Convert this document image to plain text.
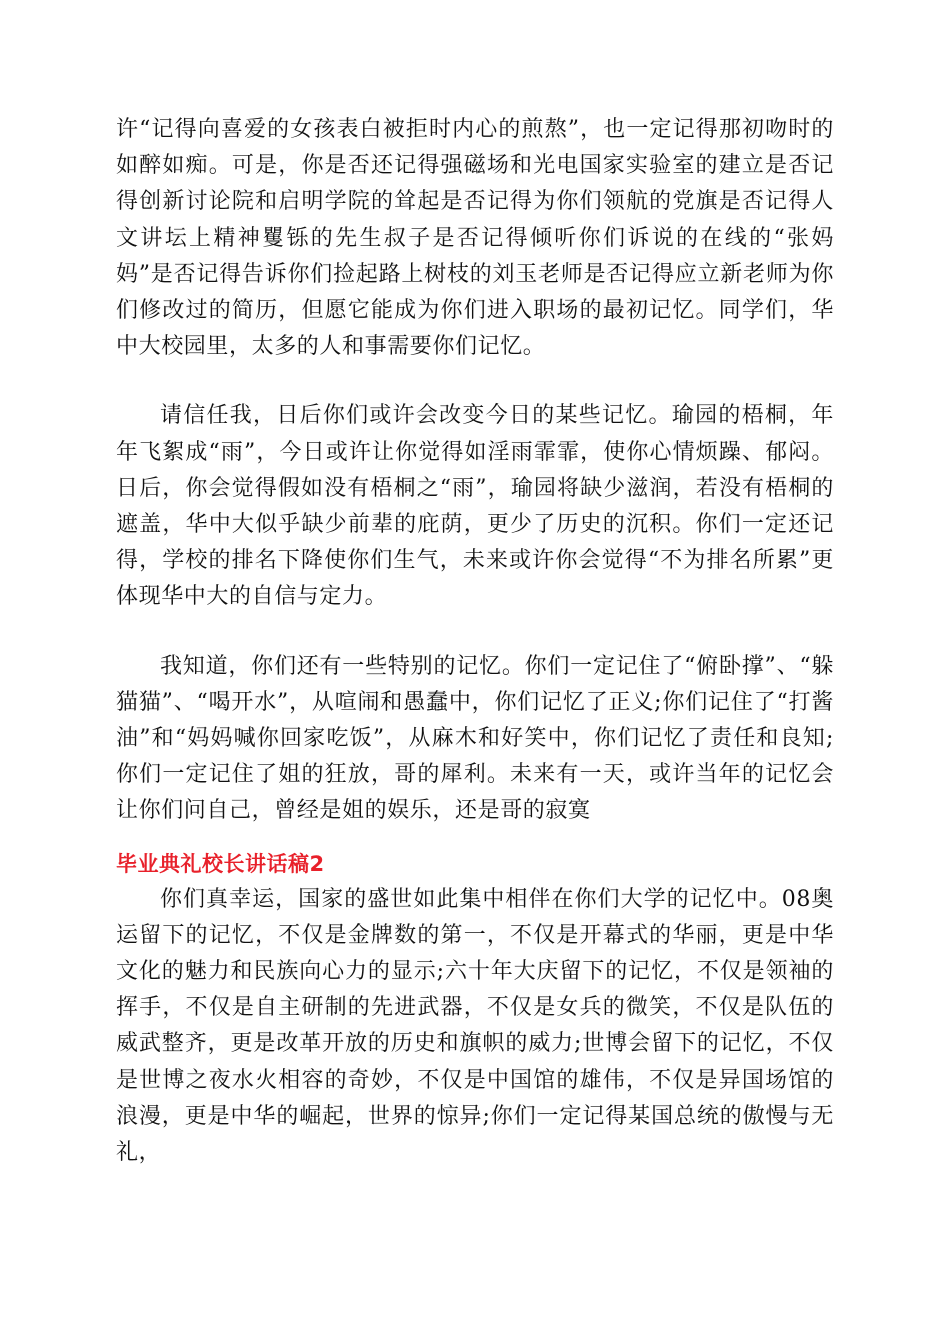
许“记得向喜爱的女孩表白被拒时内心的煎熬”，也一定记得那初吻时的如醉如痴。可是，你是否还记得强磁场和光电国家实验室的建立是否记得创新讨论院和启明学院的耸起是否记得为你们领航的党旗是否记得人文讲坛上精神矍铄的先生叔子是否记得倾听你们诉说的在线的“张妈妈”是否记得告诉你们捡起路上树枝的刘玉老师是否记得应立新老师为你们修改过的简历，但愿它能成为你们进入职场的最初记忆。同学们，华中大校园里，太多的人和事需要你们记忆。

请信任我，日后你们或许会改变今日的某些记忆。瑜园的梧桐，年年飞絮成“雨”，今日或许让你觉得如淫雨霏霏，使你心情烦躁、郁闷。日后，你会觉得假如没有梧桐之“雨”，瑜园将缺少滋润，若没有梧桐的遮盖，华中大似乎缺少前辈的庇荫，更少了历史的沉积。你们一定还记得，学校的排名下降使你们生气，未来或许你会觉得“不为排名所累”更体现华中大的自信与定力。

我知道，你们还有一些特别的记忆。你们一定记住了“俯卧撑”、“躲猫猫”、“喝开水”，从喧闹和愚蠢中，你们记忆了正义;你们记住了“打酱油”和“妈妈喊你回家吃饭”，从麻木和好笑中，你们记忆了责任和良知;你们一定记住了姐的狂放，哥的犀利。未来有一天，或许当年的记忆会让你们问自己，曾经是姐的娱乐，还是哥的寂寞

毕业典礼校长讲话稿2

你们真幸运，国家的盛世如此集中相伴在你们大学的记忆中。08奥运留下的记忆，不仅是金牌数的第一，不仅是开幕式的华丽，更是中华文化的魅力和民族向心力的显示;六十年大庆留下的记忆，不仅是领袖的挥手，不仅是自主研制的先进武器，不仅是女兵的微笑，不仅是队伍的威武整齐，更是改革开放的历史和旗帜的威力;世博会留下的记忆，不仅是世博之夜水火相容的奇妙，不仅是中国馆的雄伟，不仅是异国场馆的浪漫，更是中华的崛起，世界的惊异;你们一定记得某国总统的傲慢与无礼，
